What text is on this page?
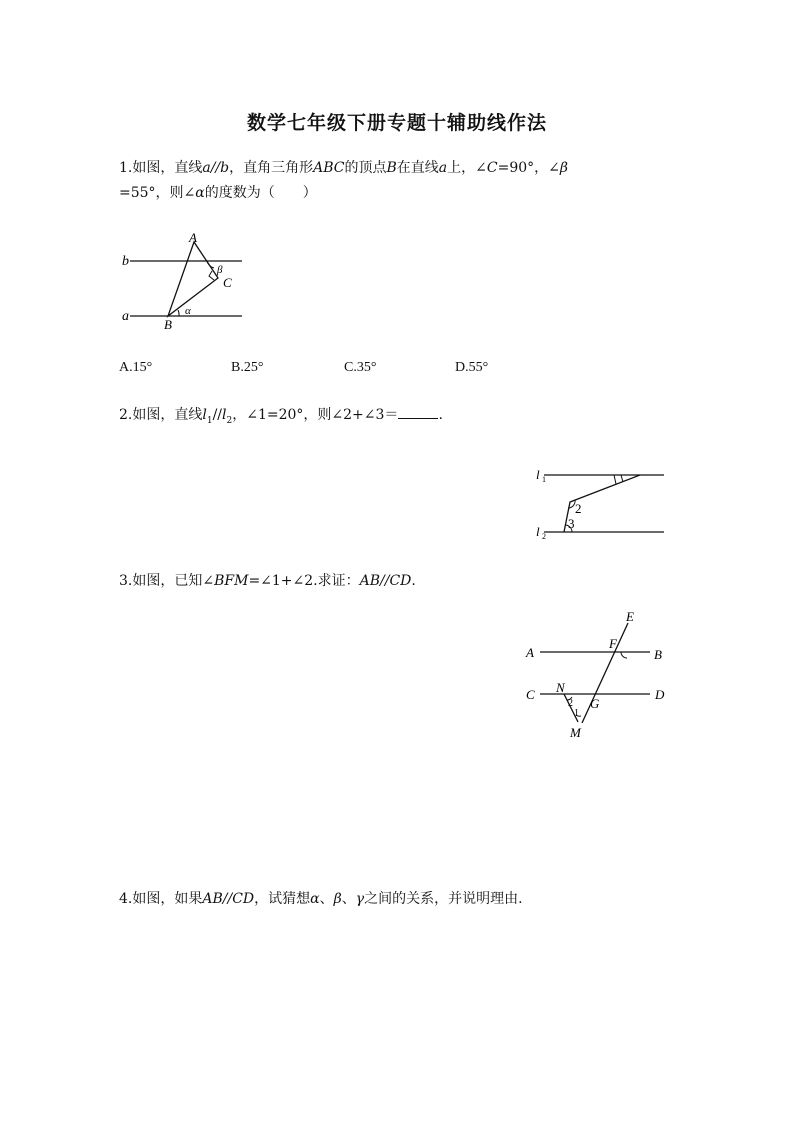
数学七年级下册专题十辅助线作法
1.如图，直线a//b，直角三角形ABC的顶点B在直线a上，∠C=90°，∠β
=55°，则∠α的度数为（　　）
b
a
A
B
C
β
α
A.15°	B.25°	C.35°	D.55°
2.如图，直线$l_1//l_2$，∠1=20°，则∠2+∠3＝	.
l 1
l 2
2
3
3.如图，已知∠BFM=∠1+∠2.求证：AB//CD.
A	B
C	D
E
F
N
G
M
1
2
4.如图，如果AB//CD，试猜想α、β、γ之间的关系，并说明理由.
